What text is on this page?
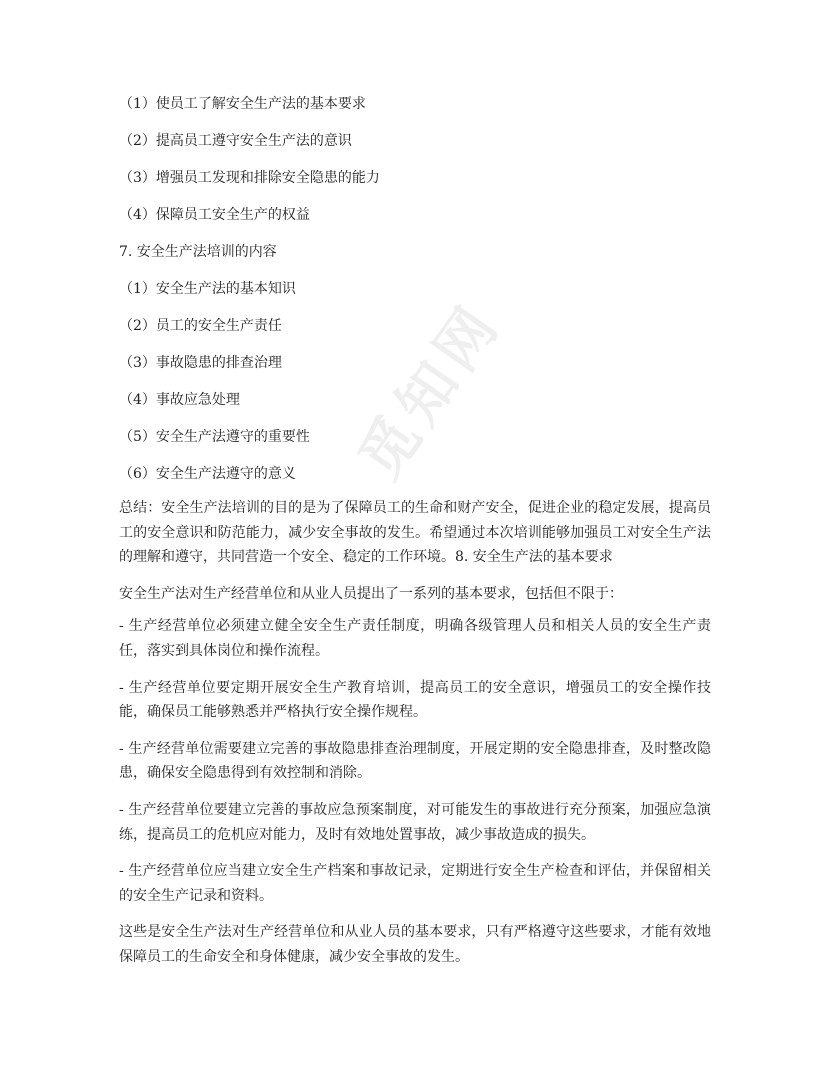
觅知网
（1）使员工了解安全生产法的基本要求
（2）提高员工遵守安全生产法的意识
（3）增强员工发现和排除安全隐患的能力
（4）保障员工安全生产的权益
7. 安全生产法培训的内容
（1）安全生产法的基本知识
（2）员工的安全生产责任
（3）事故隐患的排查治理
（4）事故应急处理
（5）安全生产法遵守的重要性
（6）安全生产法遵守的意义

总结：安全生产法培训的目的是为了保障员工的生命和财产安全，促进企业的稳定发展，提高员工的安全意识和防范能力，减少安全事故的发生。希望通过本次培训能够加强员工对安全生产法的理解和遵守，共同营造一个安全、稳定的工作环境。8. 安全生产法的基本要求

安全生产法对生产经营单位和从业人员提出了一系列的基本要求，包括但不限于：

- 生产经营单位必须建立健全安全生产责任制度，明确各级管理人员和相关人员的安全生产责任，落实到具体岗位和操作流程。

- 生产经营单位要定期开展安全生产教育培训，提高员工的安全意识，增强员工的安全操作技能，确保员工能够熟悉并严格执行安全操作规程。

- 生产经营单位需要建立完善的事故隐患排查治理制度，开展定期的安全隐患排查，及时整改隐患，确保安全隐患得到有效控制和消除。

- 生产经营单位要建立完善的事故应急预案制度，对可能发生的事故进行充分预案，加强应急演练，提高员工的危机应对能力，及时有效地处置事故，减少事故造成的损失。

- 生产经营单位应当建立安全生产档案和事故记录，定期进行安全生产检查和评估，并保留相关的安全生产记录和资料。

这些是安全生产法对生产经营单位和从业人员的基本要求，只有严格遵守这些要求，才能有效地保障员工的生命安全和身体健康，减少安全事故的发生。
